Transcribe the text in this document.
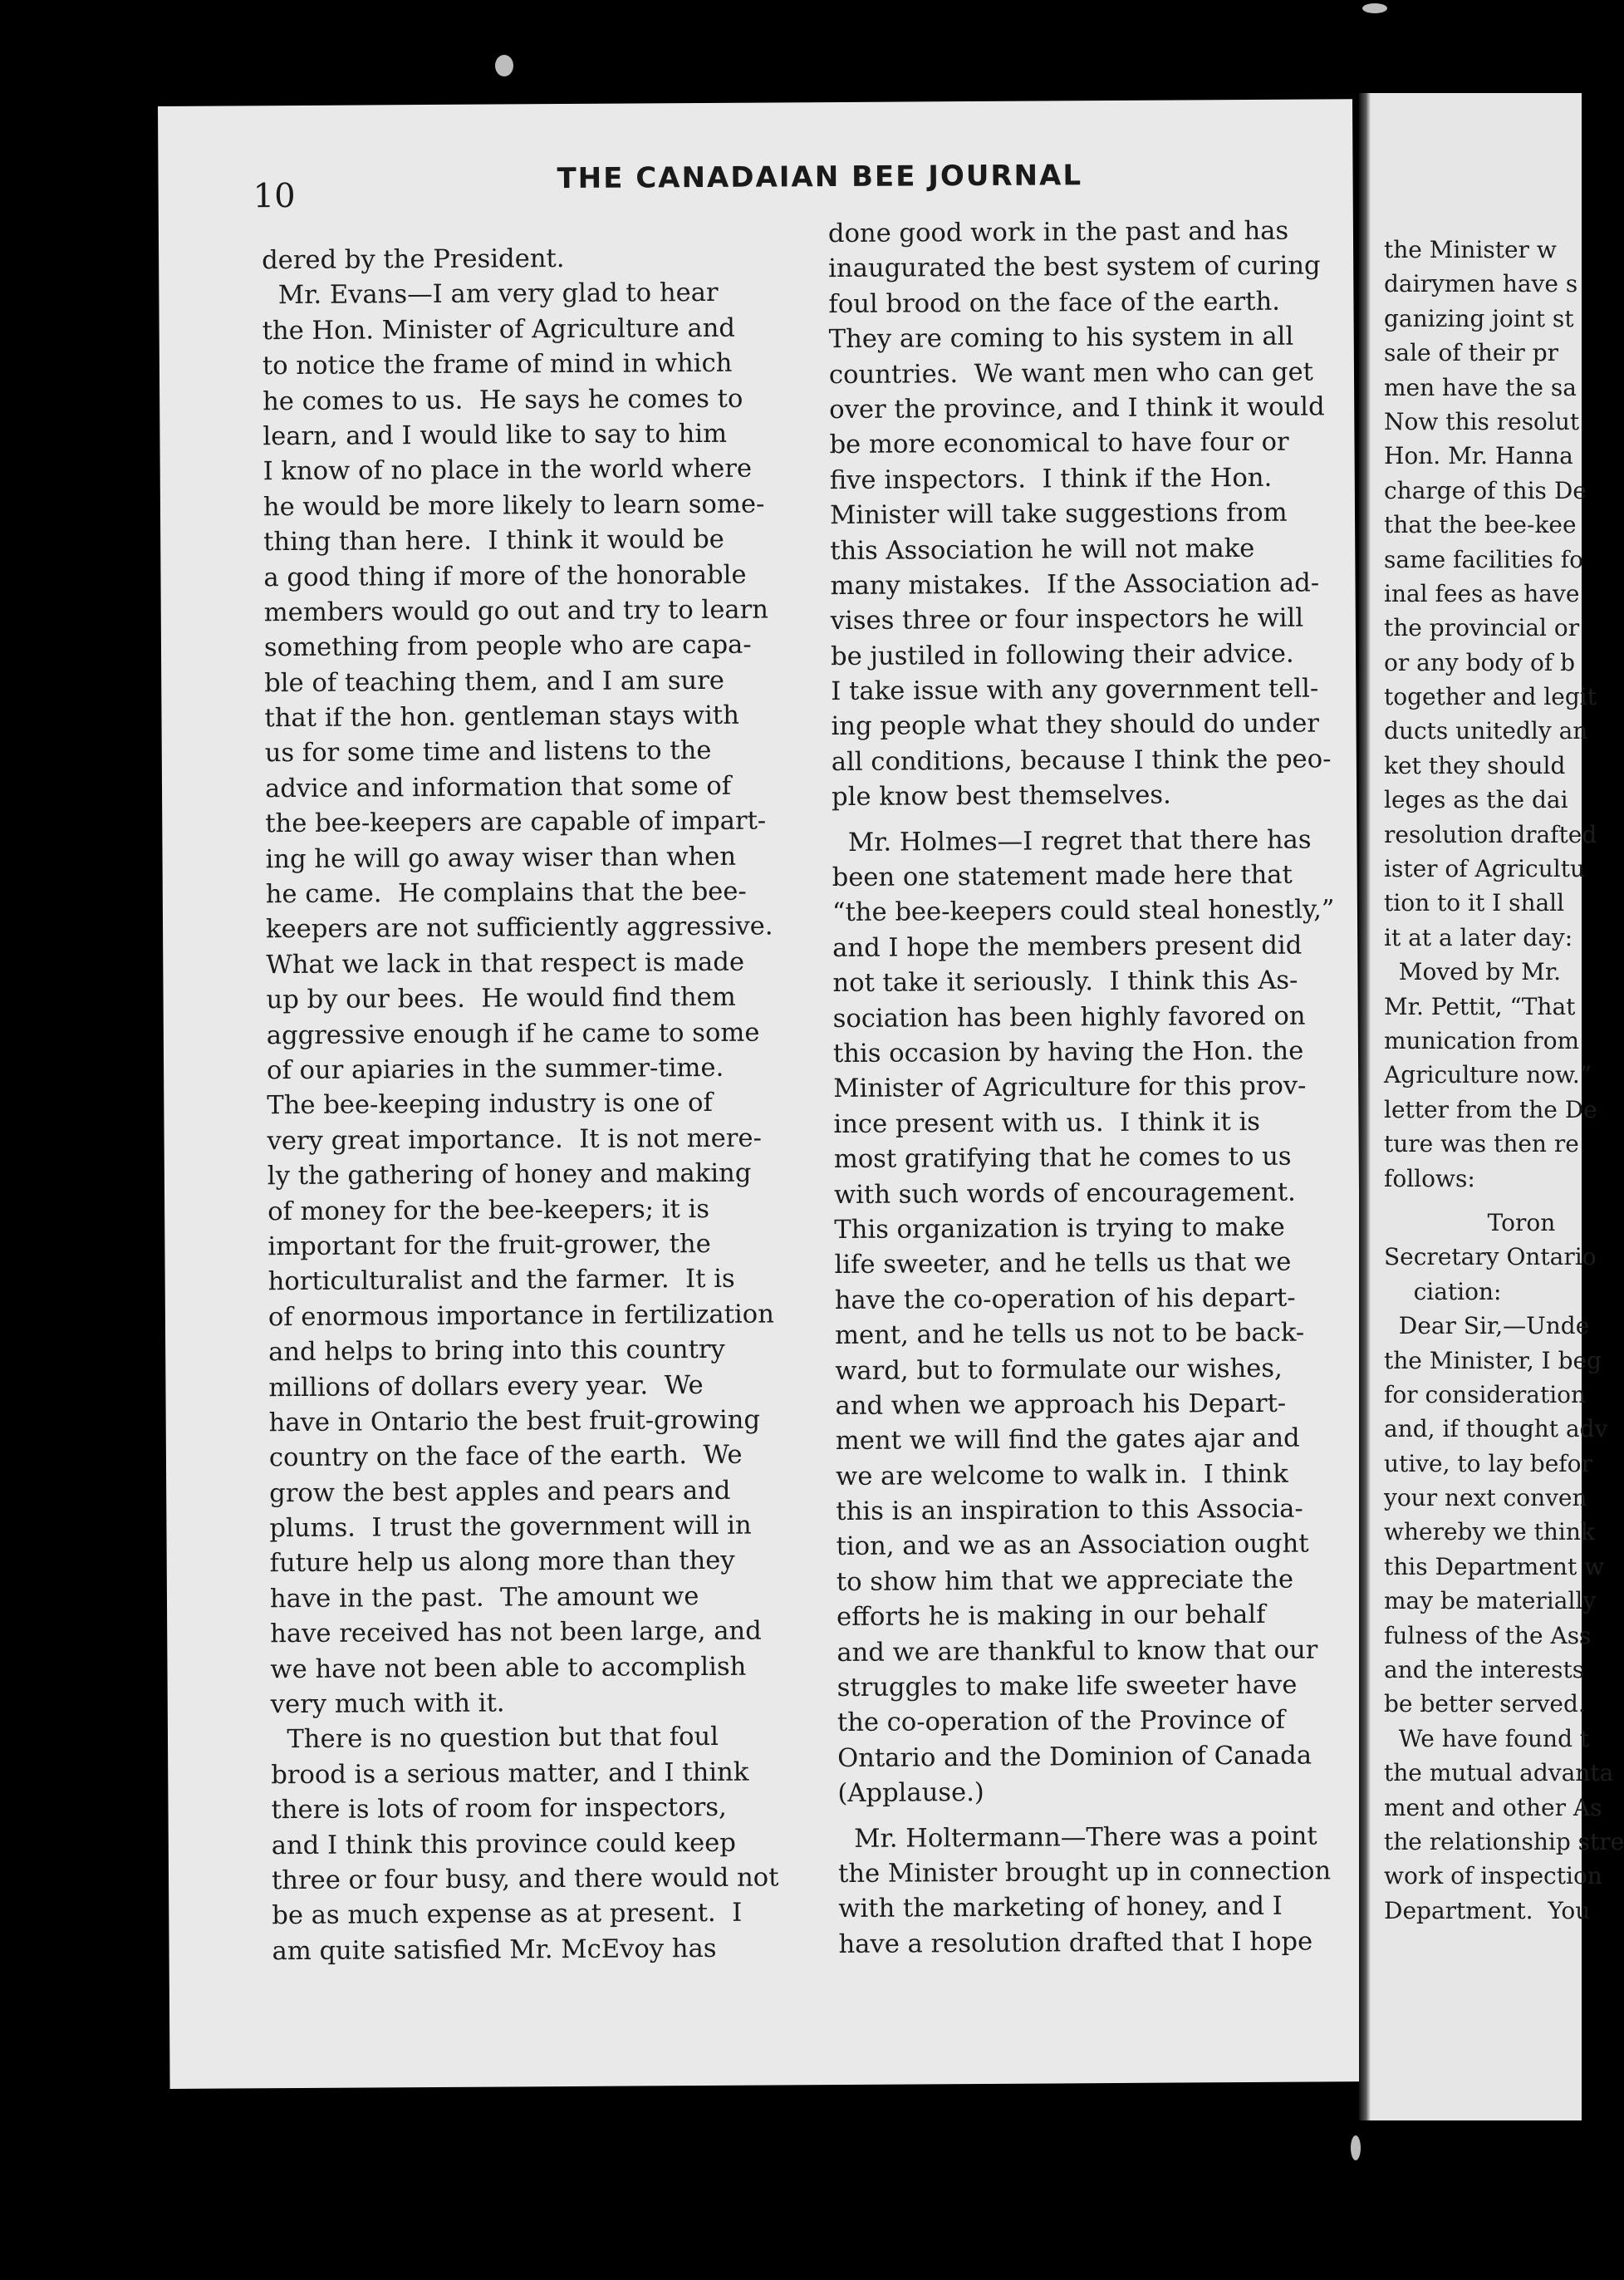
10	THE CANADAIAN BEE JOURNAL
dered by the President.
Mr. Evans—I am very glad to hear
the Hon. Minister of Agriculture and
to notice the frame of mind in which
he comes to us.  He says he comes to
learn, and I would like to say to him
I know of no place in the world where
he would be more likely to learn some-
thing than here.  I think it would be
a good thing if more of the honorable
members would go out and try to learn
something from people who are capa-
ble of teaching them, and I am sure
that if the hon. gentleman stays with
us for some time and listens to the
advice and information that some of
the bee-keepers are capable of impart-
ing he will go away wiser than when
he came.  He complains that the bee-
keepers are not sufficiently aggressive.
What we lack in that respect is made
up by our bees.  He would find them
aggressive enough if he came to some
of our apiaries in the summer-time.
The bee-keeping industry is one of
very great importance.  It is not mere-
ly the gathering of honey and making
of money for the bee-keepers; it is
important for the fruit-grower, the
horticulturalist and the farmer.  It is
of enormous importance in fertilization
and helps to bring into this country
millions of dollars every year.  We
have in Ontario the best fruit-growing
country on the face of the earth.  We
grow the best apples and pears and
plums.  I trust the government will in
future help us along more than they
have in the past.  The amount we
have received has not been large, and
we have not been able to accomplish
very much with it.
There is no question but that foul
brood is a serious matter, and I think
there is lots of room for inspectors,
and I think this province could keep
three or four busy, and there would not
be as much expense as at present.  I
am quite satisfied Mr. McEvoy has
done good work in the past and has
inaugurated the best system of curing
foul brood on the face of the earth.
They are coming to his system in all
countries.  We want men who can get
over the province, and I think it would
be more economical to have four or
five inspectors.  I think if the Hon.
Minister will take suggestions from
this Association he will not make
many mistakes.  If the Association ad-
vises three or four inspectors he will
be justiled in following their advice.
I take issue with any government tell-
ing people what they should do under
all conditions, because I think the peo-
ple know best themselves.
Mr. Holmes—I regret that there has
been one statement made here that
“the bee-keepers could steal honestly,”
and I hope the members present did
not take it seriously.  I think this As-
sociation has been highly favored on
this occasion by having the Hon. the
Minister of Agriculture for this prov-
ince present with us.  I think it is
most gratifying that he comes to us
with such words of encouragement.
This organization is trying to make
life sweeter, and he tells us that we
have the co-operation of his depart-
ment, and he tells us not to be back-
ward, but to formulate our wishes,
and when we approach his Depart-
ment we will find the gates ajar and
we are welcome to walk in.  I think
this is an inspiration to this Associa-
tion, and we as an Association ought
to show him that we appreciate the
efforts he is making in our behalf
and we are thankful to know that our
struggles to make life sweeter have
the co-operation of the Province of
Ontario and the Dominion of Canada
(Applause.)
Mr. Holtermann—There was a point
the Minister brought up in connection
with the marketing of honey, and I
have a resolution drafted that I hope
the Minister w
dairymen have s
ganizing joint st
sale of their pr
men have the sa
Now this resolut
Hon. Mr. Hanna
charge of this De
that the bee-kee
same facilities fo
inal fees as have
the provincial or
or any body of b
together and legit
ducts unitedly an
ket they should
leges as the dai
resolution drafted
ister of Agricultu
tion to it I shall
it at a later day:
Moved by Mr.
Mr. Pettit, “That
munication from
Agriculture now.”
letter from the De
ture was then re
follows:
Toron
Secretary Ontario
ciation:
Dear Sir,—Unde
the Minister, I beg
for consideration
and, if thought adv
utive, to lay befor
your next conven
whereby we think
this Department w
may be materially
fulness of the Ass
and the interests
be better served.
We have found t
the mutual advanta
ment and other As
the relationship stre
work of inspection
Department.  You
